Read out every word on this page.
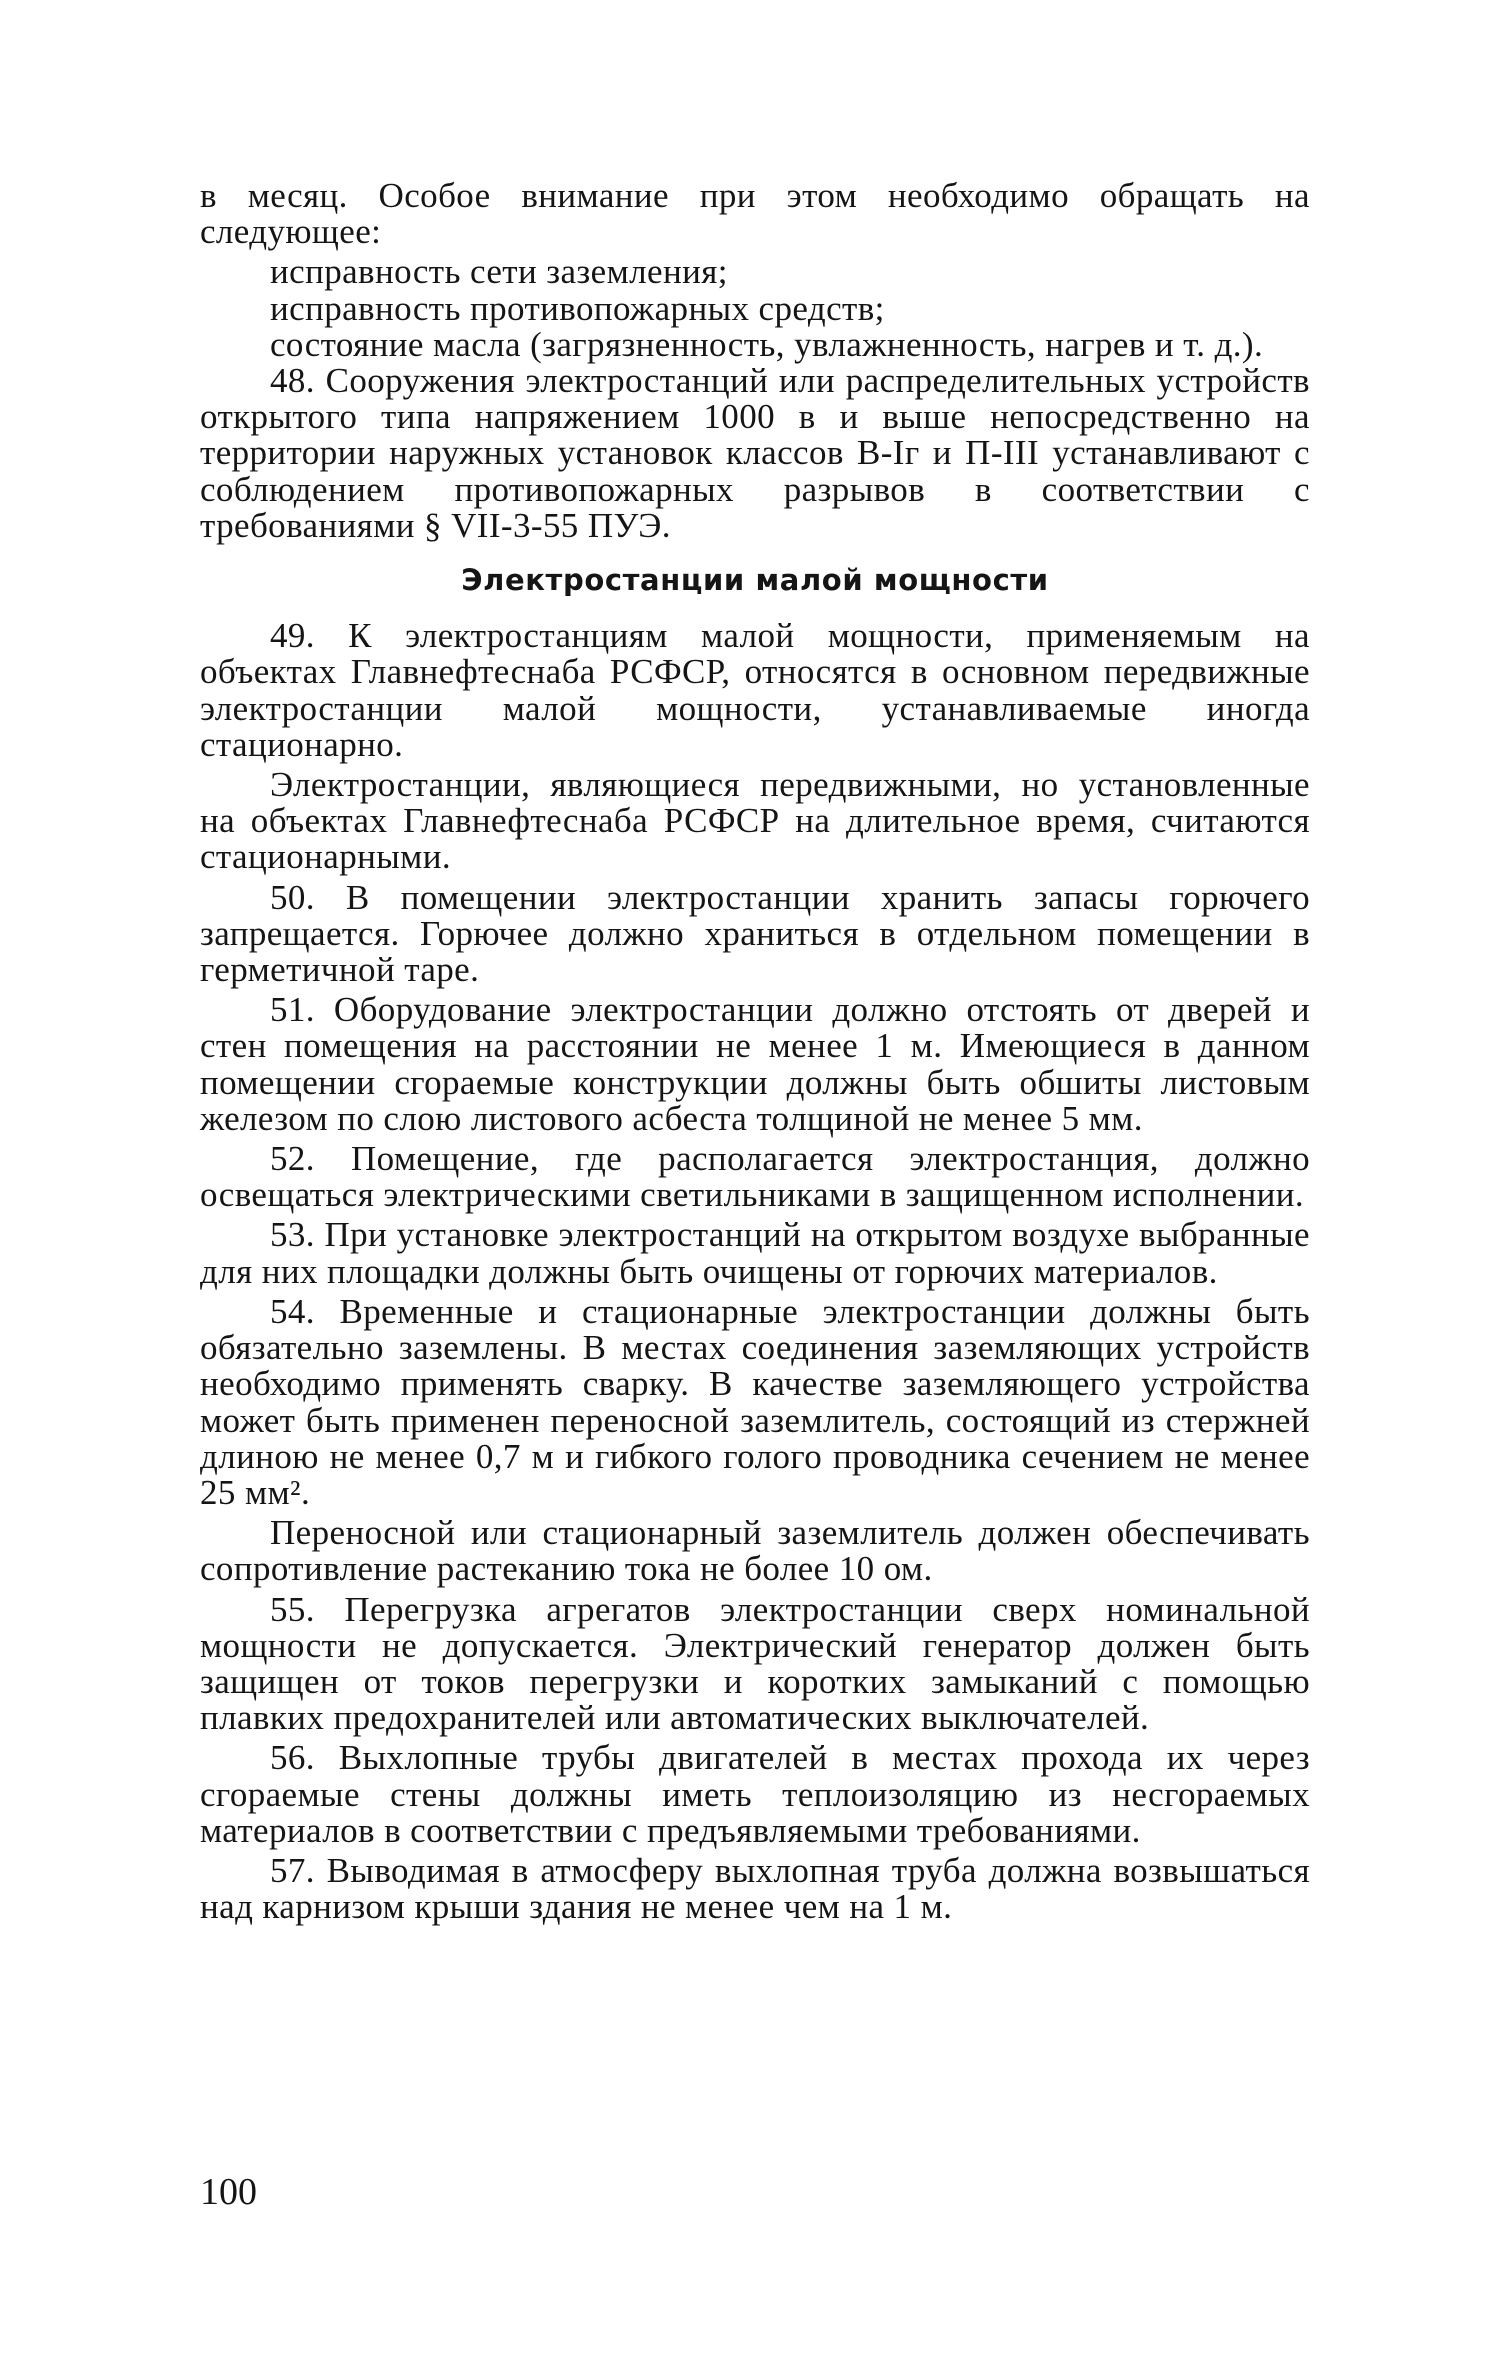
в месяц. Особое внимание при этом необходимо обращать на следующее:

исправность сети заземления;

исправность противопожарных средств;

состояние масла (загрязненность, увлажненность, нагрев и т. д.).

48. Сооружения электростанций или распределительных устройств открытого типа напряжением 1000 в и выше непосредственно на территории наружных установок классов В-Iг и П-III устанавливают с соблюдением противопожарных разрывов в соответствии с требованиями § VII-3-55 ПУЭ.

Электростанции малой мощности

49. К электростанциям малой мощности, применяемым на объектах Главнефтеснаба РСФСР, относятся в основном передвижные электростанции малой мощности, устанавливаемые иногда стационарно.

Электростанции, являющиеся передвижными, но установленные на объектах Главнефтеснаба РСФСР на длительное время, считаются стационарными.

50. В помещении электростанции хранить запасы горючего запрещается. Горючее должно храниться в отдельном помещении в герметичной таре.

51. Оборудование электростанции должно отстоять от дверей и стен помещения на расстоянии не менее 1 м. Имеющиеся в данном помещении сгораемые конструкции должны быть обшиты листовым железом по слою листового асбеста толщиной не менее 5 мм.

52. Помещение, где располагается электростанция, должно освещаться электрическими светильниками в защищенном исполнении.

53. При установке электростанций на открытом воздухе выбранные для них площадки должны быть очищены от горючих материалов.

54. Временные и стационарные электростанции должны быть обязательно заземлены. В местах соединения заземляющих устройств необходимо применять сварку. В качестве заземляющего устройства может быть применен переносной заземлитель, состоящий из стержней длиною не менее 0,7 м и гибкого голого проводника сечением не менее 25 мм².

Переносной или стационарный заземлитель должен обеспечивать сопротивление растеканию тока не более 10 ом.

55. Перегрузка агрегатов электростанции сверх номинальной мощности не допускается. Электрический генератор должен быть защищен от токов перегрузки и коротких замыканий с помощью плавких предохранителей или автоматических выключателей.

56. Выхлопные трубы двигателей в местах прохода их через сгораемые стены должны иметь теплоизоляцию из несгораемых материалов в соответствии с предъявляемыми требованиями.

57. Выводимая в атмосферу выхлопная труба должна возвышаться над карнизом крыши здания не менее чем на 1 м.

100
